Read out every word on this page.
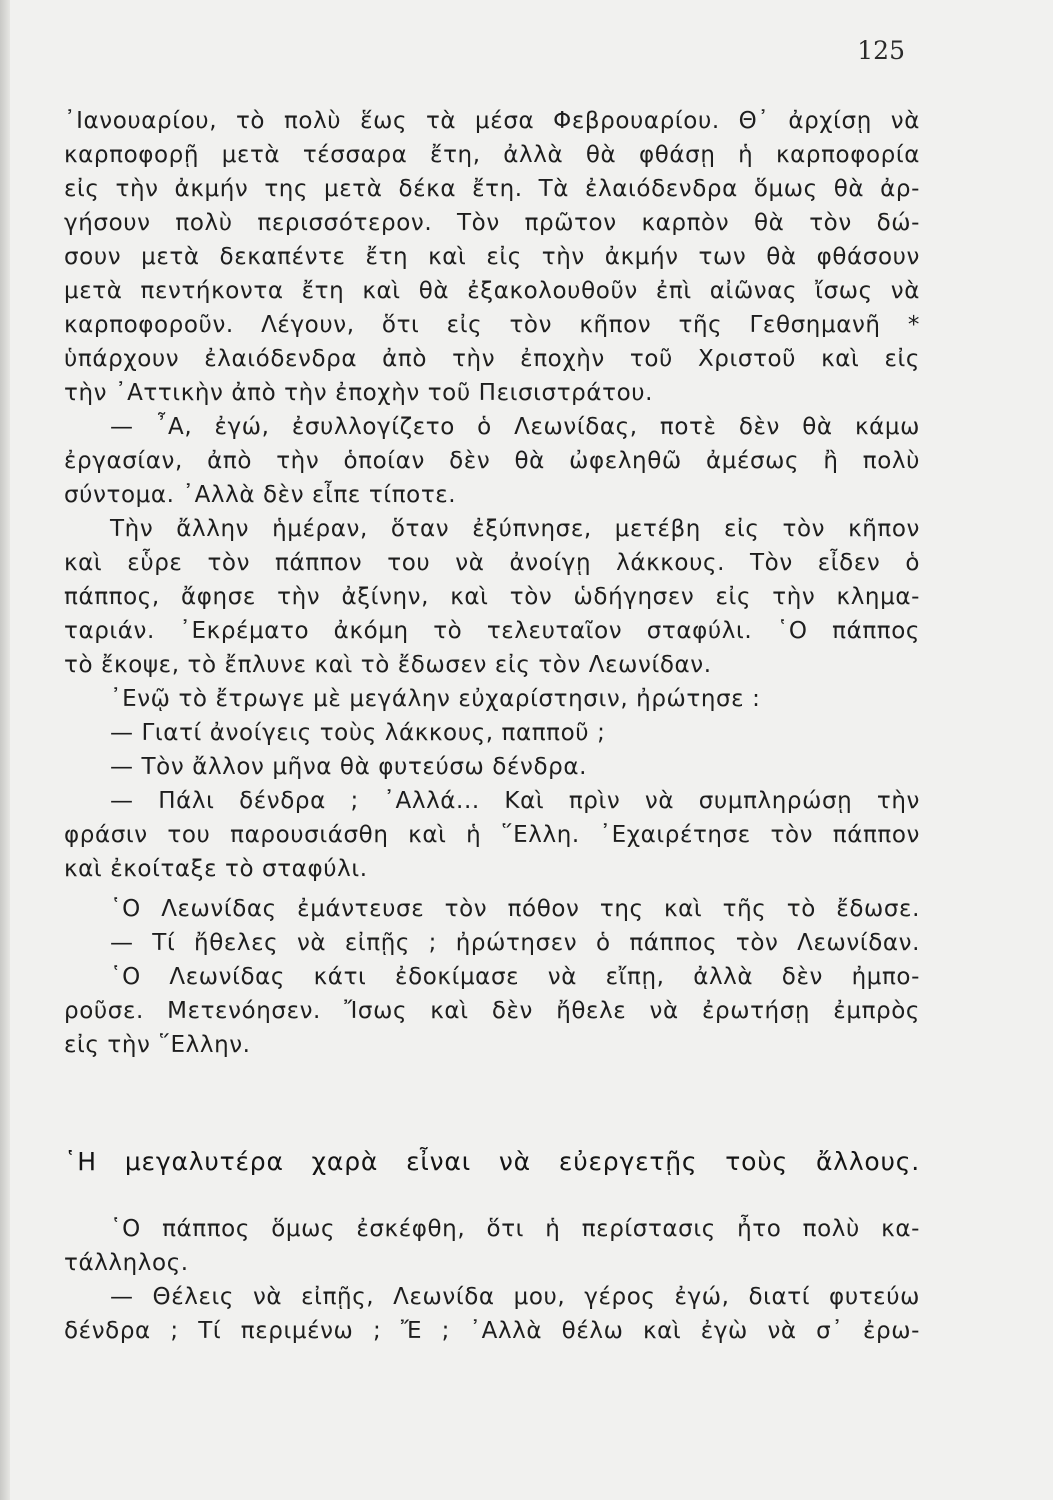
125
᾿Ιανουαρίου, τὸ πολὺ ἕως τὰ μέσα Φεβρουαρίου. Θ᾿ ἀρχίσῃ νὰ
καρποφορῇ μετὰ τέσσαρα ἔτη, ἀλλὰ θὰ φθάσῃ ἡ καρποφορία
εἰς τὴν ἀκμήν της μετὰ δέκα ἔτη. Τὰ ἐλαιόδενδρα ὅμως θὰ ἀρ-
γήσουν πολὺ περισσότερον. Τὸν πρῶτον καρπὸν θὰ τὸν δώ-
σουν μετὰ δεκαπέντε ἔτη καὶ εἰς τὴν ἀκμήν των θὰ φθάσουν
μετὰ πεντήκοντα ἔτη καὶ θὰ ἐξακολουθοῦν ἐπὶ αἰῶνας ἴσως νὰ
καρποφοροῦν. Λέγουν, ὅτι εἰς τὸν κῆπον τῆς Γεθσημανῆ *
ὑπάρχουν ἐλαιόδενδρα ἀπὸ τὴν ἐποχὴν τοῦ Χριστοῦ καὶ εἰς
τὴν ᾿Αττικὴν ἀπὸ τὴν ἐποχὴν τοῦ Πεισιστράτου.
— ῏Α, ἐγώ, ἐσυλλογίζετο ὁ Λεωνίδας, ποτὲ δὲν θὰ κάμω
ἐργασίαν, ἀπὸ τὴν ὁποίαν δὲν θὰ ὠφεληθῶ ἀμέσως ἢ πολὺ
σύντομα. ᾿Αλλὰ δὲν εἶπε τίποτε.
Τὴν ἄλλην ἡμέραν, ὅταν ἐξύπνησε, μετέβη εἰς τὸν κῆπον
καὶ εὗρε τὸν πάππον του νὰ ἀνοίγῃ λάκκους. Τὸν εἶδεν ὁ
πάππος, ἄφησε τὴν ἀξίνην, καὶ τὸν ὡδήγησεν εἰς τὴν κλημα-
ταριάν. ᾿Εκρέματο ἀκόμη τὸ τελευταῖον σταφύλι. ῾Ο πάππος
τὸ ἔκοψε, τὸ ἔπλυνε καὶ τὸ ἔδωσεν εἰς τὸν Λεωνίδαν.
᾿Ενῷ τὸ ἔτρωγε μὲ μεγάλην εὐχαρίστησιν, ἠρώτησε :
— Γιατί ἀνοίγεις τοὺς λάκκους, παπποῦ ;
— Τὸν ἄλλον μῆνα θὰ φυτεύσω δένδρα.
— Πάλι δένδρα ; ᾿Αλλά... Καὶ πρὶν νὰ συμπληρώσῃ τὴν
φράσιν του παρουσιάσθη καὶ ἡ ῞Ελλη. ᾿Εχαιρέτησε τὸν πάππον
καὶ ἐκοίταξε τὸ σταφύλι.
῾Ο Λεωνίδας ἐμάντευσε τὸν πόθον της καὶ τῆς τὸ ἔδωσε.
— Τί ἤθελες νὰ εἰπῇς ; ἠρώτησεν ὁ πάππος τὸν Λεωνίδαν.
῾Ο Λεωνίδας κάτι ἐδοκίμασε νὰ εἴπῃ, ἀλλὰ δὲν ἠμπο-
ροῦσε. Μετενόησεν. Ἴσως καὶ δὲν ἤθελε νὰ ἐρωτήσῃ ἐμπρὸς
εἰς τὴν ῞Ελλην.
῾Η μεγαλυτέρα χαρὰ εἶναι νὰ εὐεργετῇς τοὺς ἄλλους.
῾Ο πάππος ὅμως ἐσκέφθη, ὅτι ἡ περίστασις ἦτο πολὺ κα-
τάλληλος.
— Θέλεις νὰ εἰπῇς, Λεωνίδα μου, γέρος ἐγώ, διατί φυτεύω
δένδρα ; Τί περιμένω ; Ἔ ; ᾿Αλλὰ θέλω καὶ ἐγὼ νὰ σ᾿ ἐρω-
